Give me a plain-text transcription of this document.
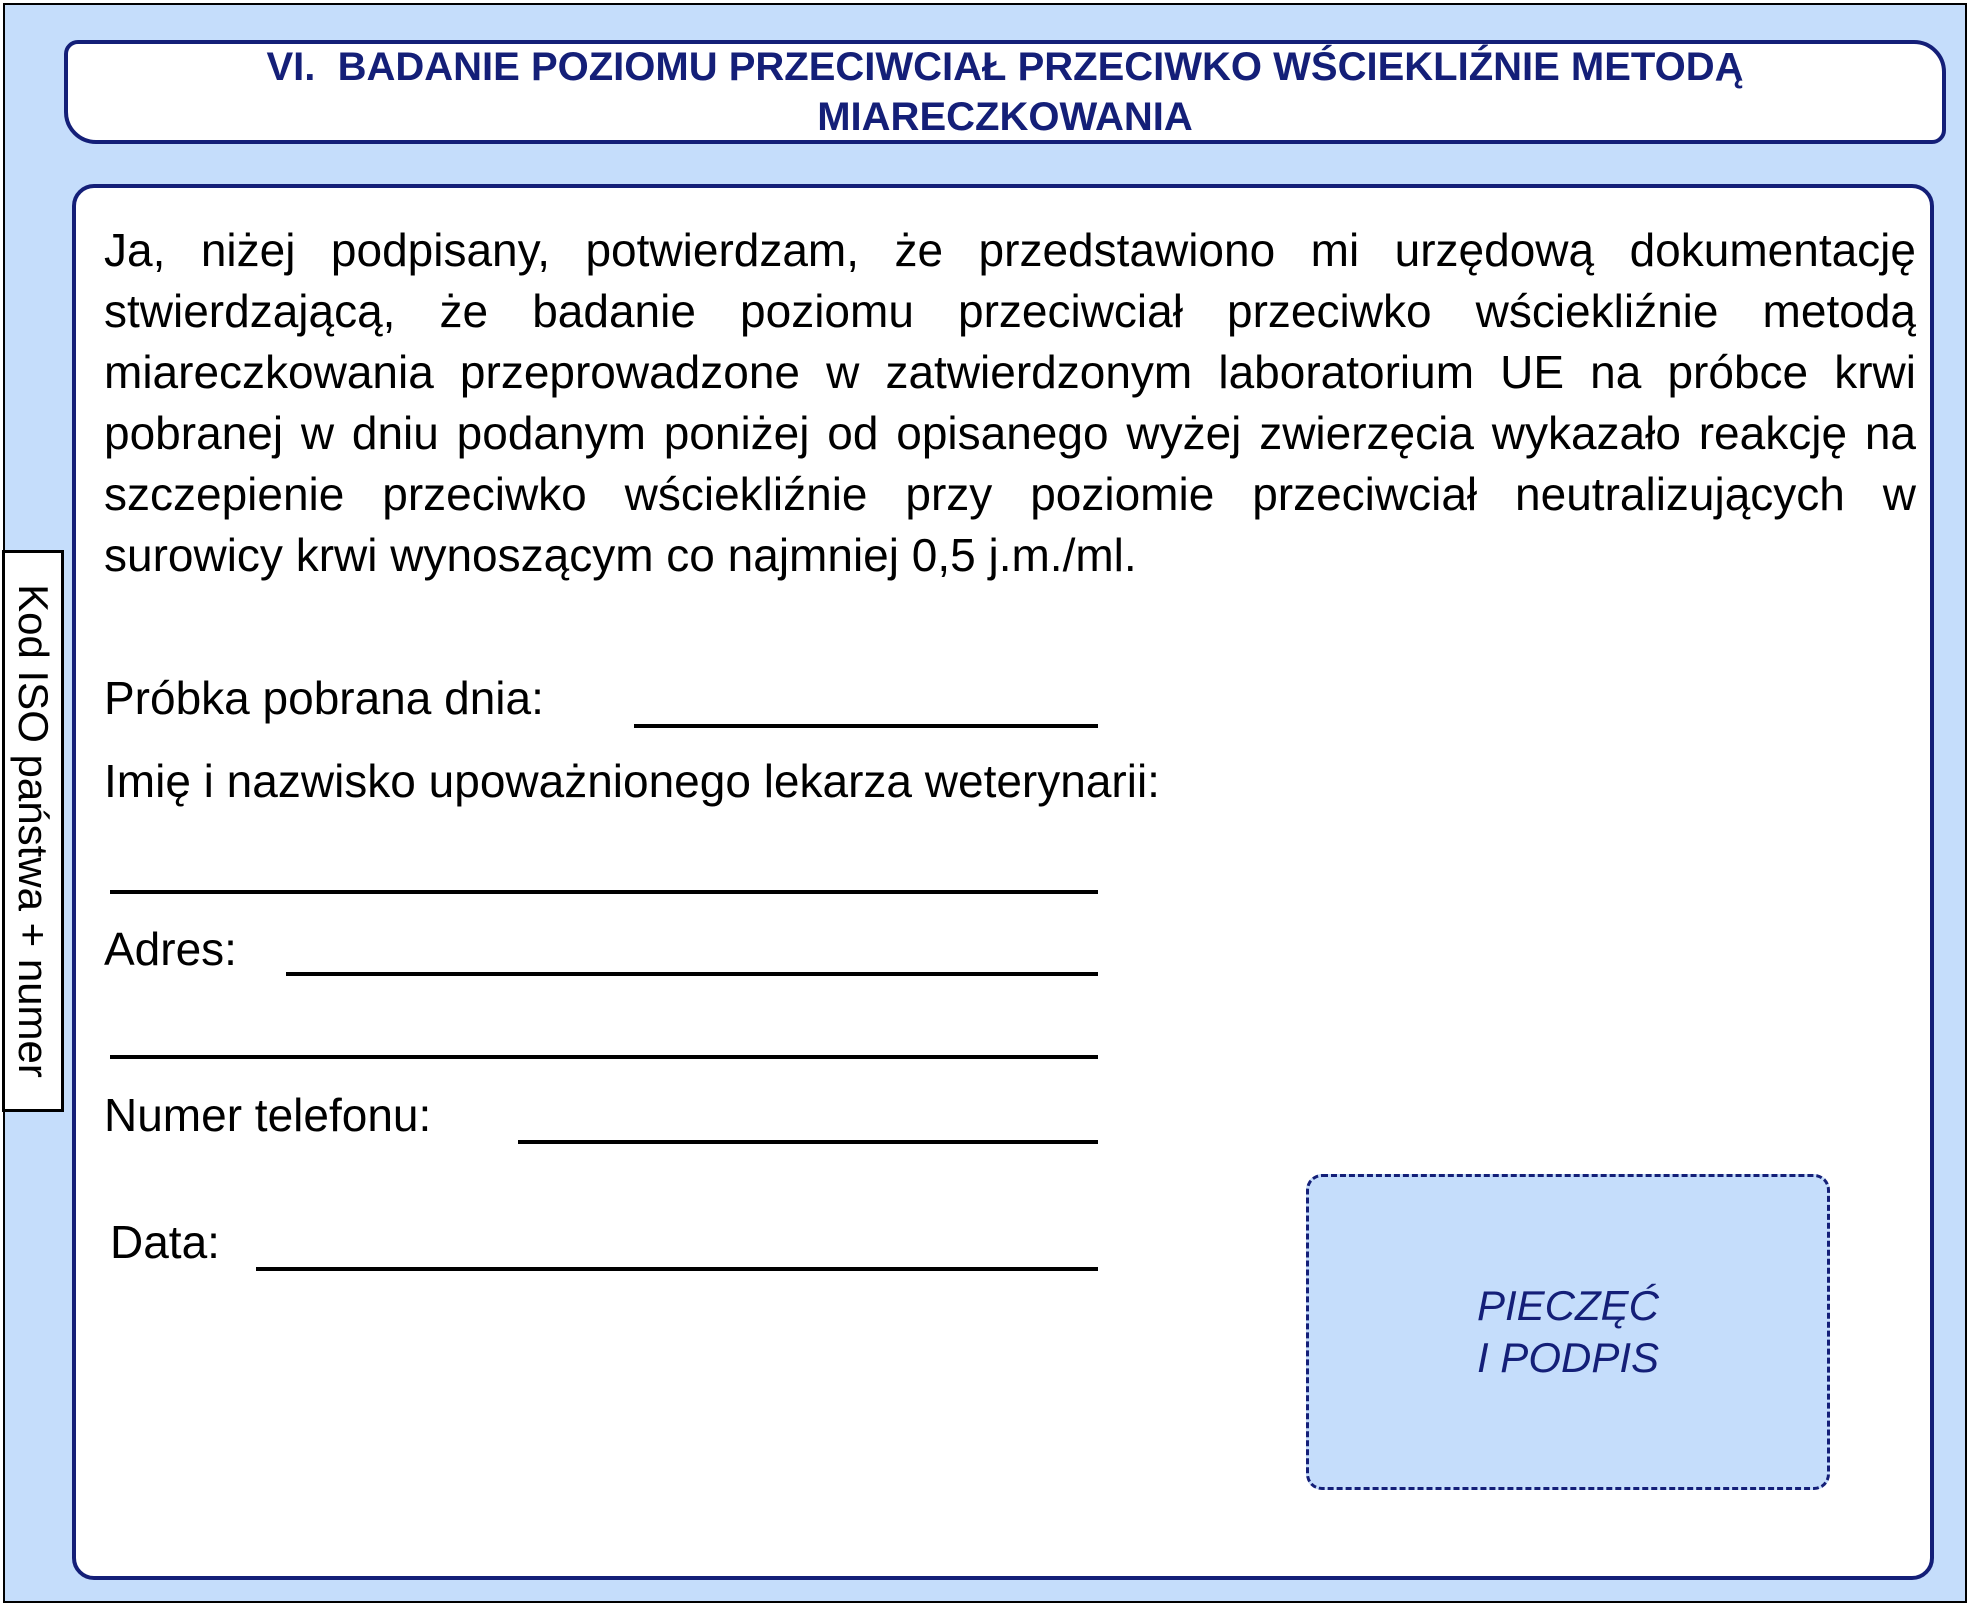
VI.  BADANIE POZIOMU PRZECIWCIAŁ PRZECIWKO WŚCIEKLIŹNIE METODĄ
MIARECZKOWANIA
Ja, niżej podpisany, potwierdzam, że przedstawiono mi urzędową dokumentację stwierdzającą, że badanie poziomu przeciwciał przeciwko wściekliźnie metodą miareczkowania przeprowadzone w zatwierdzonym laboratorium UE na próbce krwi pobranej w dniu podanym poniżej od opisanego wyżej zwierzęcia wykazało reakcję na szczepienie przeciwko wściekliźnie przy poziomie przeciwciał neutralizujących w surowicy krwi wynoszącym co najmniej 0,5 j.m./ml.
Próbka pobrana dnia:
Imię i nazwisko upoważnionego lekarza weterynarii:
Adres:
Numer telefonu:
Data:
Kod ISO państwa + numer
PIECZĘĆ
I PODPIS
